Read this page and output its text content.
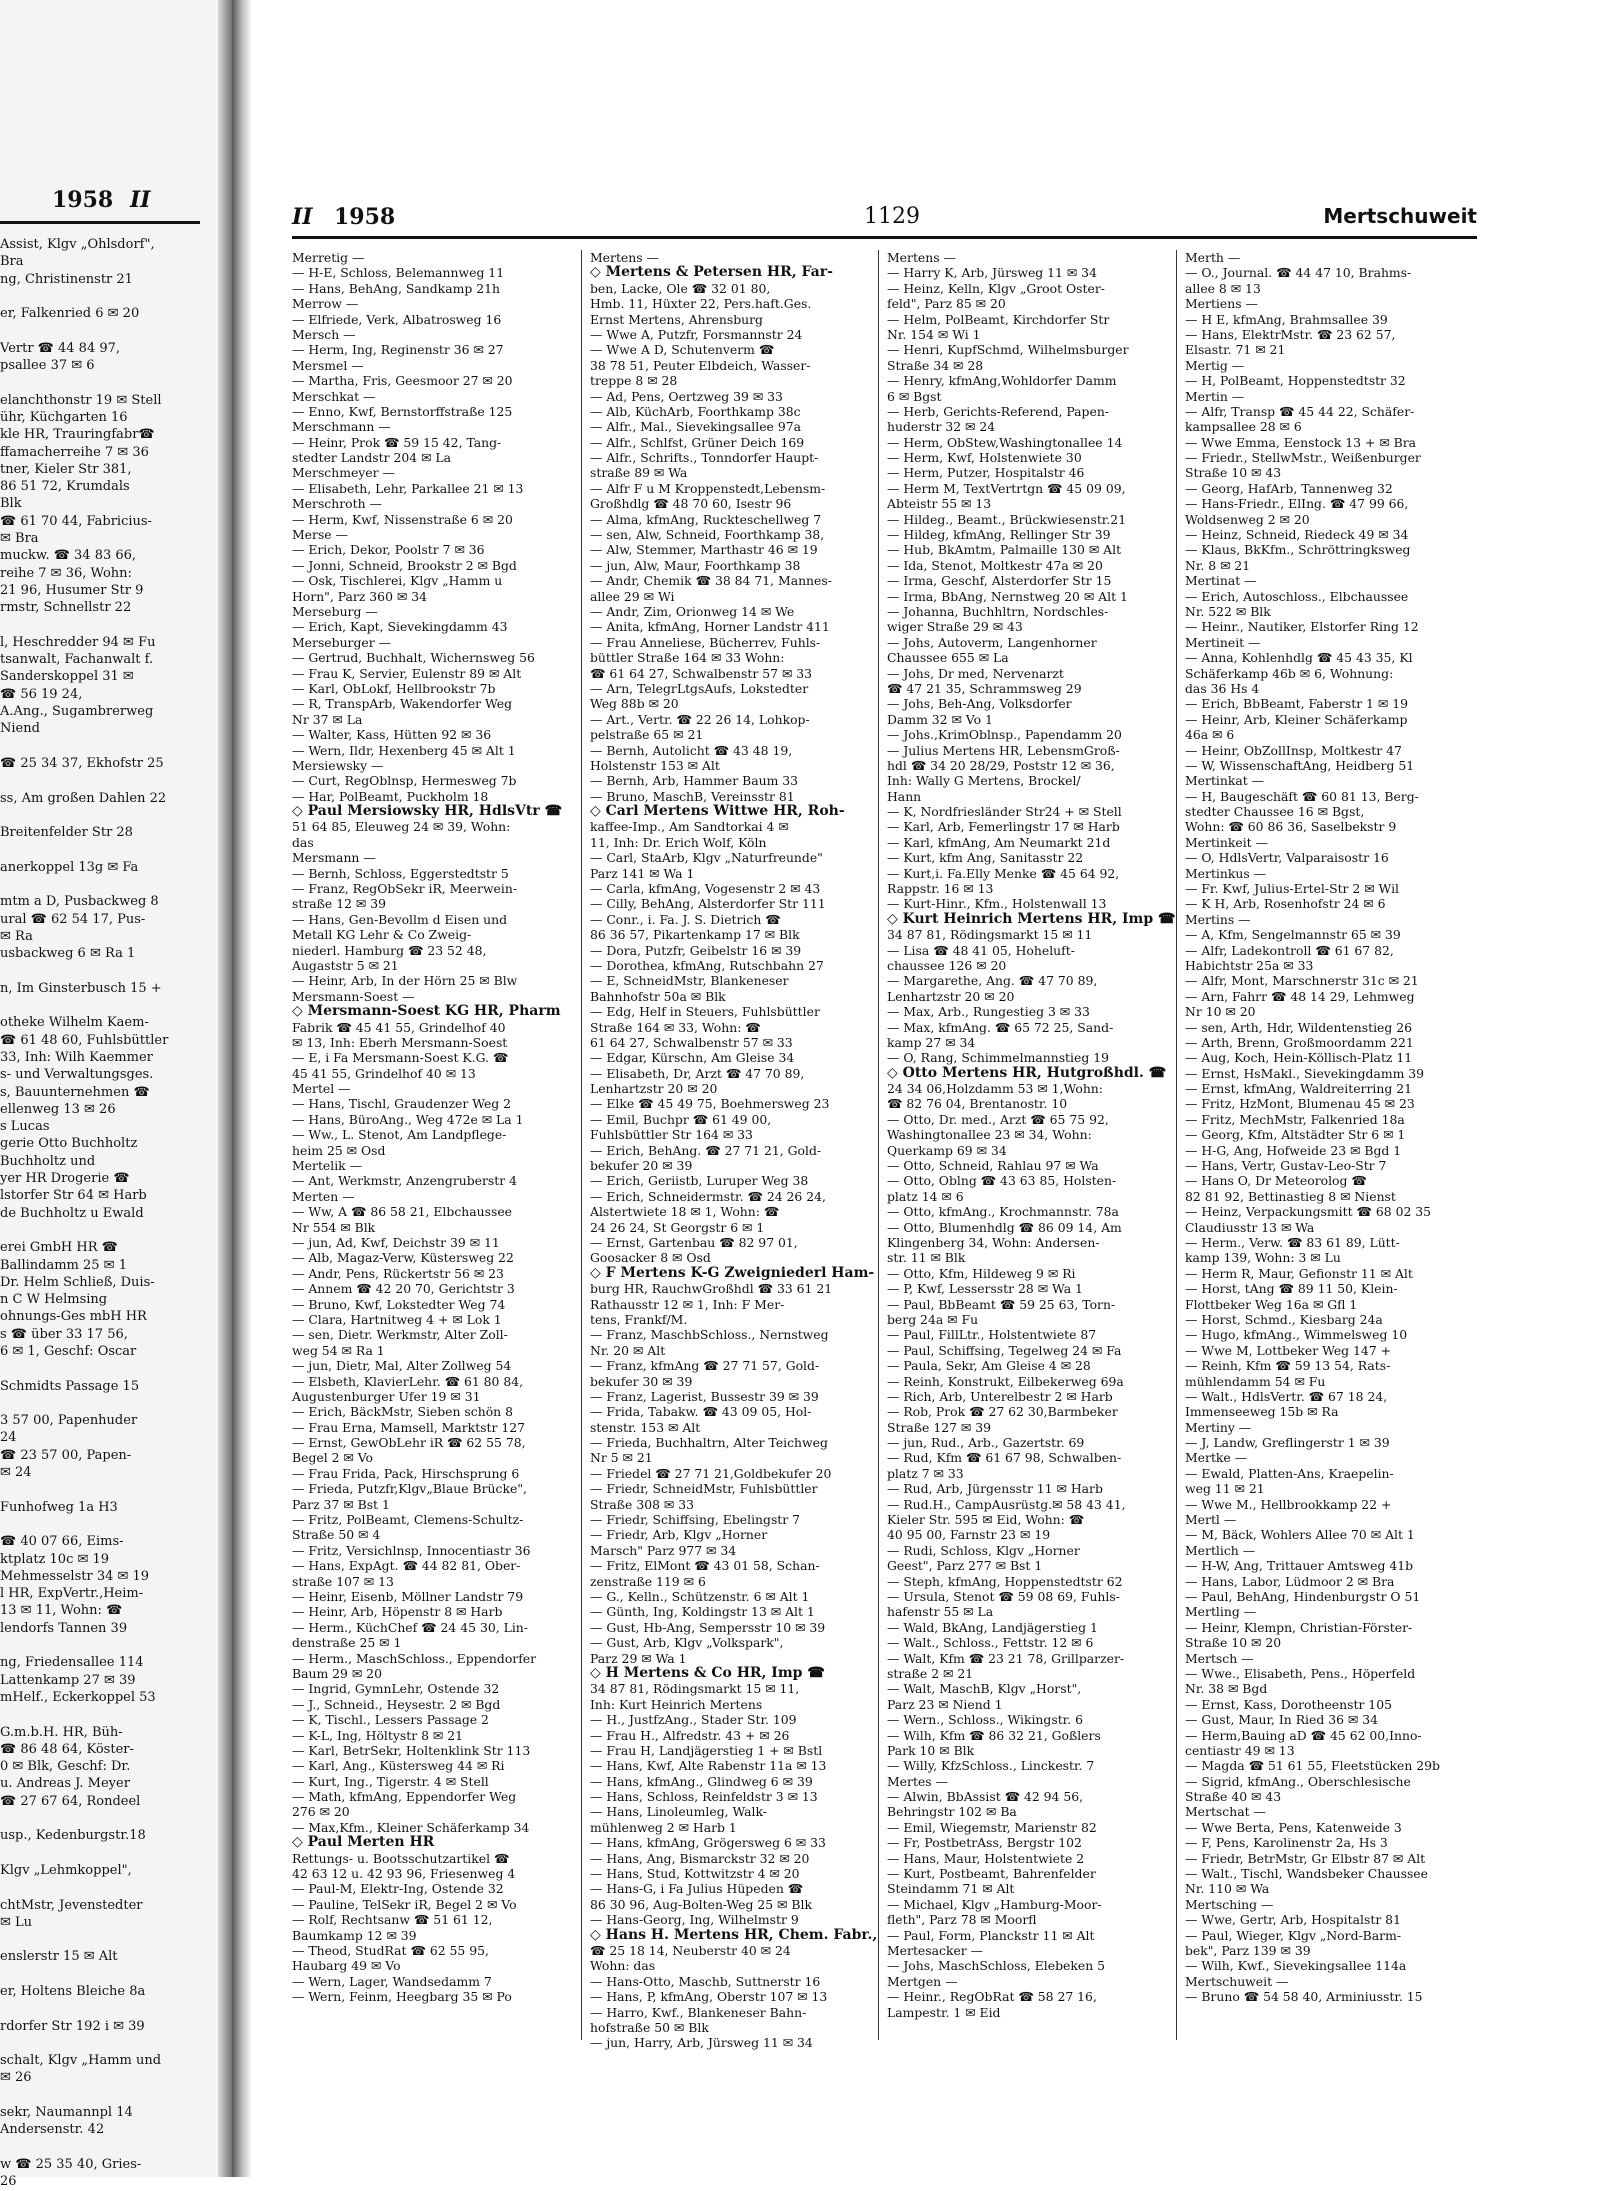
1958 II
Assist, Klgv „Ohlsdorf",
Bra
ng, Christinenstr 21
er, Falkenried 6 ✉ 20
Vertr ☎ 44 84 97,
psallee 37 ✉ 6
elanchthonstr 19 ✉ Stell
ühr, Küchgarten 16
kle HR, Trauringfabr☎
ffamacherreihe 7 ✉ 36
tner, Kieler Str 381,
86 51 72, Krumdals
Blk
☎ 61 70 44, Fabricius-
✉ Bra
muckw. ☎ 34 83 66,
reihe 7 ✉ 36, Wohn:
21 96, Husumer Str 9
rmstr, Schnellstr 22
l, Heschredder 94 ✉ Fu
tsanwalt, Fachanwalt f.
Sanderskoppel 31 ✉
☎ 56 19 24,
A.Ang., Sugambrerweg
Niend
☎ 25 34 37, Ekhofstr 25
ss, Am großen Dahlen 22
Breitenfelder Str 28
anerkoppel 13g ✉ Fa
mtm a D, Pusbackweg 8
ural ☎ 62 54 17, Pus-
✉ Ra
usbackweg 6 ✉ Ra 1
n, Im Ginsterbusch 15 +
otheke Wilhelm Kaem-
☎ 61 48 60, Fuhlsbüttler
33, Inh: Wilh Kaemmer
s- und Verwaltungsges.
s, Bauunternehmen ☎
ellenweg 13 ✉ 26
s Lucas
gerie Otto Buchholtz
Buchholtz und
yer HR Drogerie ☎
lstorfer Str 64 ✉ Harb
de Buchholtz u Ewald
erei GmbH HR ☎
Ballindamm 25 ✉ 1
Dr. Helm Schließ, Duis-
n C W Helmsing
ohnungs-Ges mbH HR
s ☎ über 33 17 56,
6 ✉ 1, Geschf: Oscar
Schmidts Passage 15
3 57 00, Papenhuder
24
☎ 23 57 00, Papen-
✉ 24
Funhofweg 1a H3
☎ 40 07 66, Eims-
ktplatz 10c ✉ 19
Mehmesselstr 34 ✉ 19
l HR, ExpVertr.,Heim-
13 ✉ 11, Wohn: ☎
lendorfs Tannen 39
ng, Friedensallee 114
Lattenkamp 27 ✉ 39
mHelf., Eckerkoppel 53
G.m.b.H. HR, Büh-
☎ 86 48 64, Köster-
0 ✉ Blk, Geschf: Dr.
u. Andreas J. Meyer
☎ 27 67 64, Rondeel
usp., Kedenburgstr.18
Klgv „Lehmkoppel",
chtMstr, Jevenstedter
✉ Lu
enslerstr 15 ✉ Alt
er, Holtens Bleiche 8a
rdorfer Str 192 i ✉ 39
schalt, Klgv „Hamm und
✉ 26
sekr, Naumannpl 14
Andersenstr. 42
w ☎ 25 35 40, Gries-
26
II 1958	1129	Mertschuweit
Merretig —
— H-E, Schloss, Belemannweg 11
— Hans, BehAng, Sandkamp 21h
Merrow —
— Elfriede, Verk, Albatrosweg 16
Mersch —
— Herm, Ing, Reginenstr 36 ✉ 27
Mersmel —
— Martha, Fris, Geesmoor 27 ✉ 20
Merschkat —
— Enno, Kwf, Bernstorffstraße 125
Merschmann —
— Heinr, Prok ☎ 59 15 42, Tang-
stedter Landstr 204 ✉ La
Merschmeyer —
— Elisabeth, Lehr, Parkallee 21 ✉ 13
Merschroth —
— Herm, Kwf, Nissenstraße 6 ✉ 20
Merse —
— Erich, Dekor, Poolstr 7 ✉ 36
— Jonni, Schneid, Brookstr 2 ✉ Bgd
— Osk, Tischlerei, Klgv „Hamm u
Horn", Parz 360 ✉ 34
Merseburg —
— Erich, Kapt, Sievekingdamm 43
Merseburger —
— Gertrud, Buchhalt, Wichernsweg 56
— Frau K, Servier, Eulenstr 89 ✉ Alt
— Karl, ObLokf, Hellbrookstr 7b
— R, TranspArb, Wakendorfer Weg
Nr 37 ✉ La
— Walter, Kass, Hütten 92 ✉ 36
— Wern, Ildr, Hexenberg 45 ✉ Alt 1
Mersiewsky —
— Curt, RegOblnsp, Hermesweg 7b
— Har, PolBeamt, Puckholm 18
◇ Paul Mersiowsky HR, HdlsVtr ☎
51 64 85, Eleuweg 24 ✉ 39, Wohn:
das
Mersmann —
— Bernh, Schloss, Eggerstedtstr 5
— Franz, RegObSekr iR, Meerwein-
straße 12 ✉ 39
— Hans, Gen-Bevollm d Eisen und
Metall KG Lehr & Co Zweig-
niederl. Hamburg ☎ 23 52 48,
Augaststr 5 ✉ 21
— Heinr, Arb, In der Hörn 25 ✉ Blw
Mersmann-Soest —
◇ Mersmann-Soest KG HR, Pharm
Fabrik ☎ 45 41 55, Grindelhof 40
✉ 13, Inh: Eberh Mersmann-Soest
— E, i Fa Mersmann-Soest K.G. ☎
45 41 55, Grindelhof 40 ✉ 13
Mertel —
— Hans, Tischl, Graudenzer Weg 2
— Hans, BüroAng., Weg 472e ✉ La 1
— Ww., L. Stenot, Am Landpflege-
heim 25 ✉ Osd
Mertelik —
— Ant, Werkmstr, Anzengruberstr 4
Merten —
— Ww, A ☎ 86 58 21, Elbchaussee
Nr 554 ✉ Blk
— jun, Ad, Kwf, Deichstr 39 ✉ 11
— Alb, Magaz-Verw, Küstersweg 22
— Andr, Pens, Rückertstr 56 ✉ 23
— Annem ☎ 42 20 70, Gerichtstr 3
— Bruno, Kwf, Lokstedter Weg 74
— Clara, Hartnitweg 4 + ✉ Lok 1
— sen, Dietr. Werkmstr, Alter Zoll-
weg 54 ✉ Ra 1
— jun, Dietr, Mal, Alter Zollweg 54
— Elsbeth, KlavierLehr. ☎ 61 80 84,
Augustenburger Ufer 19 ✉ 31
— Erich, BäckMstr, Sieben schön 8
— Frau Erna, Mamsell, Marktstr 127
— Ernst, GewObLehr iR ☎ 62 55 78,
Begel 2 ✉ Vo
— Frau Frida, Pack, Hirschsprung 6
— Frieda, Putzfr,Klgv„Blaue Brücke",
Parz 37 ✉ Bst 1
— Fritz, PolBeamt, Clemens-Schultz-
Straße 50 ✉ 4
— Fritz, Versichlnsp, Innocentiastr 36
— Hans, ExpAgt. ☎ 44 82 81, Ober-
straße 107 ✉ 13
— Heinr, Eisenb, Möllner Landstr 79
— Heinr, Arb, Höpenstr 8 ✉ Harb
— Herm., KüchChef ☎ 24 45 30, Lin-
denstraße 25 ✉ 1
— Herm., MaschSchloss., Eppendorfer
Baum 29 ✉ 20
— Ingrid, GymnLehr, Ostende 32
— J., Schneid., Heysestr. 2 ✉ Bgd
— K, Tischl., Lessers Passage 2
— K-L, Ing, Höltystr 8 ✉ 21
— Karl, BetrSekr, Holtenklink Str 113
— Karl, Ang., Küstersweg 44 ✉ Ri
— Kurt, Ing., Tigerstr. 4 ✉ Stell
— Math, kfmAng, Eppendorfer Weg
276 ✉ 20
— Max,Kfm., Kleiner Schäferkamp 34
◇ Paul Merten HR
Rettungs- u. Bootsschutzartikel ☎
42 63 12 u. 42 93 96, Friesenweg 4
— Paul-M, Elektr-Ing, Ostende 32
— Pauline, TelSekr iR, Begel 2 ✉ Vo
— Rolf, Rechtsanw ☎ 51 61 12,
Baumkamp 12 ✉ 39
— Theod, StudRat ☎ 62 55 95,
Haubarg 49 ✉ Vo
— Wern, Lager, Wandsedamm 7
— Wern, Feinm, Heegbarg 35 ✉ Po
Mertens —
◇ Mertens & Petersen HR, Far-
ben, Lacke, Ole ☎ 32 01 80,
Hmb. 11, Hüxter 22, Pers.haft.Ges.
Ernst Mertens, Ahrensburg
— Wwe A, Putzfr, Forsmannstr 24
— Wwe A D, Schutenverm ☎
38 78 51, Peuter Elbdeich, Wasser-
treppe 8 ✉ 28
— Ad, Pens, Oertzweg 39 ✉ 33
— Alb, KüchArb, Foorthkamp 38c
— Alfr., Mal., Sievekingsallee 97a
— Alfr., Schlfst, Grüner Deich 169
— Alfr., Schrifts., Tonndorfer Haupt-
straße 89 ✉ Wa
— Alfr F u M Kroppenstedt,Lebensm-
Großhdlg ☎ 48 70 60, Isestr 96
— Alma, kfmAng, Ruckteschellweg 7
— sen, Alw, Schneid, Foorthkamp 38,
— Alw, Stemmer, Marthastr 46 ✉ 19
— jun, Alw, Maur, Foorthkamp 38
— Andr, Chemik ☎ 38 84 71, Mannes-
allee 29 ✉ Wi
— Andr, Zim, Orionweg 14 ✉ We
— Anita, kfmAng, Horner Landstr 411
— Frau Anneliese, Bücherrev, Fuhls-
büttler Straße 164 ✉ 33 Wohn:
☎ 61 64 27, Schwalbenstr 57 ✉ 33
— Arn, TelegrLtgsAufs, Lokstedter
Weg 88b ✉ 20
— Art., Vertr. ☎ 22 26 14, Lohkop-
pelstraße 65 ✉ 21
— Bernh, Autolicht ☎ 43 48 19,
Holstenstr 153 ✉ Alt
— Bernh, Arb, Hammer Baum 33
— Bruno, MaschB, Vereinsstr 81
◇ Carl Mertens Wittwe HR, Roh-
kaffee-Imp., Am Sandtorkai 4 ✉
11, Inh: Dr. Erich Wolf, Köln
— Carl, StaArb, Klgv „Naturfreunde"
Parz 141 ✉ Wa 1
— Carla, kfmAng, Vogesenstr 2 ✉ 43
— Cilly, BehAng, Alsterdorfer Str 111
— Conr., i. Fa. J. S. Dietrich ☎
86 36 57, Pikartenkamp 17 ✉ Blk
— Dora, Putzfr, Geibelstr 16 ✉ 39
— Dorothea, kfmAng, Rutschbahn 27
— E, SchneidMstr, Blankeneser
Bahnhofstr 50a ✉ Blk
— Edg, Helf in Steuers, Fuhlsbüttler
Straße 164 ✉ 33, Wohn: ☎
61 64 27, Schwalbenstr 57 ✉ 33
— Edgar, Kürschn, Am Gleise 34
— Elisabeth, Dr, Arzt ☎ 47 70 89,
Lenhartzstr 20 ✉ 20
— Elke ☎ 45 49 75, Boehmersweg 23
— Emil, Buchpr ☎ 61 49 00,
Fuhlsbüttler Str 164 ✉ 33
— Erich, BehAng. ☎ 27 71 21, Gold-
bekufer 20 ✉ 39
— Erich, Geriistb, Luruper Weg 38
— Erich, Schneidermstr. ☎ 24 26 24,
Alstertwiete 18 ✉ 1, Wohn: ☎
24 26 24, St Georgstr 6 ✉ 1
— Ernst, Gartenbau ☎ 82 97 01,
Goosacker 8 ✉ Osd
◇ F Mertens K-G Zweigniederl Ham-
burg HR, RauchwGroßhdl ☎ 33 61 21
Rathausstr 12 ✉ 1, Inh: F Mer-
tens, Frankf/M.
— Franz, MaschbSchloss., Nernstweg
Nr. 20 ✉ Alt
— Franz, kfmAng ☎ 27 71 57, Gold-
bekufer 30 ✉ 39
— Franz, Lagerist, Bussestr 39 ✉ 39
— Frida, Tabakw. ☎ 43 09 05, Hol-
stenstr. 153 ✉ Alt
— Frieda, Buchhaltrn, Alter Teichweg
Nr 5 ✉ 21
— Friedel ☎ 27 71 21,Goldbekufer 20
— Friedr, SchneidMstr, Fuhlsbüttler
Straße 308 ✉ 33
— Friedr, Schiffsing, Ebelingstr 7
— Friedr, Arb, Klgv „Horner
Marsch" Parz 977 ✉ 34
— Fritz, ElMont ☎ 43 01 58, Schan-
zenstraße 119 ✉ 6
— G., Kelln., Schützenstr. 6 ✉ Alt 1
— Günth, Ing, Koldingstr 13 ✉ Alt 1
— Gust, Hb-Ang, Sempersstr 10 ✉ 39
— Gust, Arb, Klgv „Volkspark",
Parz 29 ✉ Wa 1
◇ H Mertens & Co HR, Imp ☎
34 87 81, Rödingsmarkt 15 ✉ 11,
Inh: Kurt Heinrich Mertens
— H., JustfzAng., Stader Str. 109
— Frau H., Alfredstr. 43 + ✉ 26
— Frau H, Landjägerstieg 1 + ✉ Bstl
— Hans, Kwf, Alte Rabenstr 11a ✉ 13
— Hans, kfmAng., Glindweg 6 ✉ 39
— Hans, Schloss, Reinfeldstr 3 ✉ 13
— Hans, Linoleumleg, Walk-
mühlenweg 2 ✉ Harb 1
— Hans, kfmAng, Grögersweg 6 ✉ 33
— Hans, Ang, Bismarckstr 32 ✉ 20
— Hans, Stud, Kottwitzstr 4 ✉ 20
— Hans-G, i Fa Julius Hüpeden ☎
86 30 96, Aug-Bolten-Weg 25 ✉ Blk
— Hans-Georg, Ing, Wilhelmstr 9
◇ Hans H. Mertens HR, Chem. Fabr.,
☎ 25 18 14, Neuberstr 40 ✉ 24
Wohn: das
— Hans-Otto, Maschb, Suttnerstr 16
— Hans, P, kfmAng, Oberstr 107 ✉ 13
— Harro, Kwf., Blankeneser Bahn-
hofstraße 50 ✉ Blk
— jun, Harry, Arb, Jürsweg 11 ✉ 34
Mertens —
— Harry K, Arb, Jürsweg 11 ✉ 34
— Heinz, Kelln, Klgv „Groot Oster-
feld", Parz 85 ✉ 20
— Helm, PolBeamt, Kirchdorfer Str
Nr. 154 ✉ Wi 1
— Henri, KupfSchmd, Wilhelmsburger
Straße 34 ✉ 28
— Henry, kfmAng,Wohldorfer Damm
6 ✉ Bgst
— Herb, Gerichts-Referend, Papen-
huderstr 32 ✉ 24
— Herm, ObStew,Washingtonallee 14
— Herm, Kwf, Holstenwiete 30
— Herm, Putzer, Hospitalstr 46
— Herm M, TextVertrtgn ☎ 45 09 09,
Abteistr 55 ✉ 13
— Hildeg., Beamt., Brückwiesenstr.21
— Hildeg, kfmAng, Rellinger Str 39
— Hub, BkAmtm, Palmaille 130 ✉ Alt
— Ida, Stenot, Moltkestr 47a ✉ 20
— Irma, Geschf, Alsterdorfer Str 15
— Irma, BbAng, Nernstweg 20 ✉ Alt 1
— Johanna, Buchhltrn, Nordschles-
wiger Straße 29 ✉ 43
— Johs, Autoverm, Langenhorner
Chaussee 655 ✉ La
— Johs, Dr med, Nervenarzt
☎ 47 21 35, Schrammsweg 29
— Johs, Beh-Ang, Volksdorfer
Damm 32 ✉ Vo 1
— Johs.,KrimOblnsp., Papendamm 20
— Julius Mertens HR, LebensmGroß-
hdl ☎ 34 20 28/29, Poststr 12 ✉ 36,
Inh: Wally G Mertens, Brockel/
Hann
— K, Nordfriesländer Str24 + ✉ Stell
— Karl, Arb, Femerlingstr 17 ✉ Harb
— Karl, kfmAng, Am Neumarkt 21d
— Kurt, kfm Ang, Sanitasstr 22
— Kurt,i. Fa.Elly Menke ☎ 45 64 92,
Rappstr. 16 ✉ 13
— Kurt-Hinr., Kfm., Holstenwall 13
◇ Kurt Heinrich Mertens HR, Imp ☎
34 87 81, Rödingsmarkt 15 ✉ 11
— Lisa ☎ 48 41 05, Hoheluft-
chaussee 126 ✉ 20
— Margarethe, Ang. ☎ 47 70 89,
Lenhartzstr 20 ✉ 20
— Max, Arb., Rungestieg 3 ✉ 33
— Max, kfmAng. ☎ 65 72 25, Sand-
kamp 27 ✉ 34
— O, Rang, Schimmelmannstieg 19
◇ Otto Mertens HR, Hutgroßhdl. ☎
24 34 06,Holzdamm 53 ✉ 1,Wohn:
☎ 82 76 04, Brentanostr. 10
— Otto, Dr. med., Arzt ☎ 65 75 92,
Washingtonallee 23 ✉ 34, Wohn:
Querkamp 69 ✉ 34
— Otto, Schneid, Rahlau 97 ✉ Wa
— Otto, Oblng ☎ 43 63 85, Holsten-
platz 14 ✉ 6
— Otto, kfmAng., Krochmannstr. 78a
— Otto, Blumenhdlg ☎ 86 09 14, Am
Klingenberg 34, Wohn: Andersen-
str. 11 ✉ Blk
— Otto, Kfm, Hildeweg 9 ✉ Ri
— P, Kwf, Lessersstr 28 ✉ Wa 1
— Paul, BbBeamt ☎ 59 25 63, Torn-
berg 24a ✉ Fu
— Paul, FillLtr., Holstentwiete 87
— Paul, Schiffsing, Tegelweg 24 ✉ Fa
— Paula, Sekr, Am Gleise 4 ✉ 28
— Reinh, Konstrukt, Eilbekerweg 69a
— Rich, Arb, Unterelbestr 2 ✉ Harb
— Rob, Prok ☎ 27 62 30,Barmbeker
Straße 127 ✉ 39
— jun, Rud., Arb., Gazertstr. 69
— Rud, Kfm ☎ 61 67 98, Schwalben-
platz 7 ✉ 33
— Rud, Arb, Jürgensstr 11 ✉ Harb
— Rud.H., CampAusrüstg.✉ 58 43 41,
Kieler Str. 595 ✉ Eid, Wohn: ☎
40 95 00, Farnstr 23 ✉ 19
— Rudi, Schloss, Klgv „Horner
Geest", Parz 277 ✉ Bst 1
— Steph, kfmAng, Hoppenstedtstr 62
— Ursula, Stenot ☎ 59 08 69, Fuhls-
hafenstr 55 ✉ La
— Wald, BkAng, Landjägerstieg 1
— Walt., Schloss., Fettstr. 12 ✉ 6
— Walt, Kfm ☎ 23 21 78, Grillparzer-
straße 2 ✉ 21
— Walt, MaschB, Klgv „Horst",
Parz 23 ✉ Niend 1
— Wern., Schloss., Wikingstr. 6
— Wilh, Kfm ☎ 86 32 21, Goßlers
Park 10 ✉ Blk
— Willy, KfzSchloss., Linckestr. 7
Mertes —
— Alwin, BbAssist ☎ 42 94 56,
Behringstr 102 ✉ Ba
— Emil, Wiegemstr, Marienstr 82
— Fr, PostbetrAss, Bergstr 102
— Hans, Maur, Holstentwiete 2
— Kurt, Postbeamt, Bahrenfelder
Steindamm 71 ✉ Alt
— Michael, Klgv „Hamburg-Moor-
fleth", Parz 78 ✉ Moorfl
— Paul, Form, Planckstr 11 ✉ Alt
Mertesacker —
— Johs, MaschSchloss, Elebeken 5
Mertgen —
— Heinr., RegObRat ☎ 58 27 16,
Lampestr. 1 ✉ Eid
Merth —
— O., Journal. ☎ 44 47 10, Brahms-
allee 8 ✉ 13
Mertiens —
— H E, kfmAng, Brahmsallee 39
— Hans, ElektrMstr. ☎ 23 62 57,
Elsastr. 71 ✉ 21
Mertig —
— H, PolBeamt, Hoppenstedtstr 32
Mertin —
— Alfr, Transp ☎ 45 44 22, Schäfer-
kampsallee 28 ✉ 6
— Wwe Emma, Eenstock 13 + ✉ Bra
— Friedr., StellwMstr., Weißenburger
Straße 10 ✉ 43
— Georg, HafArb, Tannenweg 32
— Hans-Friedr., ElIng. ☎ 47 99 66,
Woldsenweg 2 ✉ 20
— Heinz, Schneid, Riedeck 49 ✉ 34
— Klaus, BkKfm., Schröttringksweg
Nr. 8 ✉ 21
Mertinat —
— Erich, Autoschloss., Elbchaussee
Nr. 522 ✉ Blk
— Heinr., Nautiker, Elstorfer Ring 12
Mertineit —
— Anna, Kohlenhdlg ☎ 45 43 35, Kl
Schäferkamp 46b ✉ 6, Wohnung:
das 36 Hs 4
— Erich, BbBeamt, Faberstr 1 ✉ 19
— Heinr, Arb, Kleiner Schäferkamp
46a ✉ 6
— Heinr, ObZollInsp, Moltkestr 47
— W, WissenschaftAng, Heidberg 51
Mertinkat —
— H, Baugeschäft ☎ 60 81 13, Berg-
stedter Chaussee 16 ✉ Bgst,
Wohn: ☎ 60 86 36, Saselbekstr 9
Mertinkeit —
— O, HdlsVertr, Valparaisostr 16
Mertinkus —
— Fr. Kwf, Julius-Ertel-Str 2 ✉ Wil
— K H, Arb, Rosenhofstr 24 ✉ 6
Mertins —
— A, Kfm, Sengelmannstr 65 ✉ 39
— Alfr, Ladekontroll ☎ 61 67 82,
Habichtstr 25a ✉ 33
— Alfr, Mont, Marschnerstr 31c ✉ 21
— Arn, Fahrr ☎ 48 14 29, Lehmweg
Nr 10 ✉ 20
— sen, Arth, Hdr, Wildentenstieg 26
— Arth, Brenn, Großmoordamm 221
— Aug, Koch, Hein-Köllisch-Platz 11
— Ernst, HsMakl., Sievekingdamm 39
— Ernst, kfmAng, Waldreiterring 21
— Fritz, HzMont, Blumenau 45 ✉ 23
— Fritz, MechMstr, Falkenried 18a
— Georg, Kfm, Altstädter Str 6 ✉ 1
— H-G, Ang, Hofweide 23 ✉ Bgd 1
— Hans, Vertr, Gustav-Leo-Str 7
— Hans O, Dr Meteorolog ☎
82 81 92, Bettinastieg 8 ✉ Nienst
— Heinz, Verpackungsmitt ☎ 68 02 35
Claudiusstr 13 ✉ Wa
— Herm., Verw. ☎ 83 61 89, Lütt-
kamp 139, Wohn: 3 ✉ Lu
— Herm R, Maur, Gefionstr 11 ✉ Alt
— Horst, tAng ☎ 89 11 50, Klein-
Flottbeker Weg 16a ✉ Gfl 1
— Horst, Schmd., Kiesbarg 24a
— Hugo, kfmAng., Wimmelsweg 10
— Wwe M, Lottbeker Weg 147 +
— Reinh, Kfm ☎ 59 13 54, Rats-
mühlendamm 54 ✉ Fu
— Walt., HdlsVertr. ☎ 67 18 24,
Immenseeweg 15b ✉ Ra
Mertiny —
— J, Landw, Greflingerstr 1 ✉ 39
Mertke —
— Ewald, Platten-Ans, Kraepelin-
weg 11 ✉ 21
— Wwe M., Hellbrookkamp 22 +
Mertl —
— M, Bäck, Wohlers Allee 70 ✉ Alt 1
Mertlich —
— H-W, Ang, Trittauer Amtsweg 41b
— Hans, Labor, Lüdmoor 2 ✉ Bra
— Paul, BehAng, Hindenburgstr O 51
Mertling —
— Heinr, Klempn, Christian-Förster-
Straße 10 ✉ 20
Mertsch —
— Wwe., Elisabeth, Pens., Höperfeld
Nr. 38 ✉ Bgd
— Ernst, Kass, Dorotheenstr 105
— Gust, Maur, In Ried 36 ✉ 34
— Herm,Bauing aD ☎ 45 62 00,Inno-
centiastr 49 ✉ 13
— Magda ☎ 51 61 55, Fleetstücken 29b
— Sigrid, kfmAng., Oberschlesische
Straße 40 ✉ 43
Mertschat —
— Wwe Berta, Pens, Katenweide 3
— F, Pens, Karolinenstr 2a, Hs 3
— Friedr, BetrMstr, Gr Elbstr 87 ✉ Alt
— Walt., Tischl, Wandsbeker Chaussee
Nr. 110 ✉ Wa
Mertsching —
— Wwe, Gertr, Arb, Hospitalstr 81
— Paul, Wieger, Klgv „Nord-Barm-
bek", Parz 139 ✉ 39
— Wilh, Kwf., Sievekingsallee 114a
Mertschuweit —
— Bruno ☎ 54 58 40, Arminiusstr. 15
